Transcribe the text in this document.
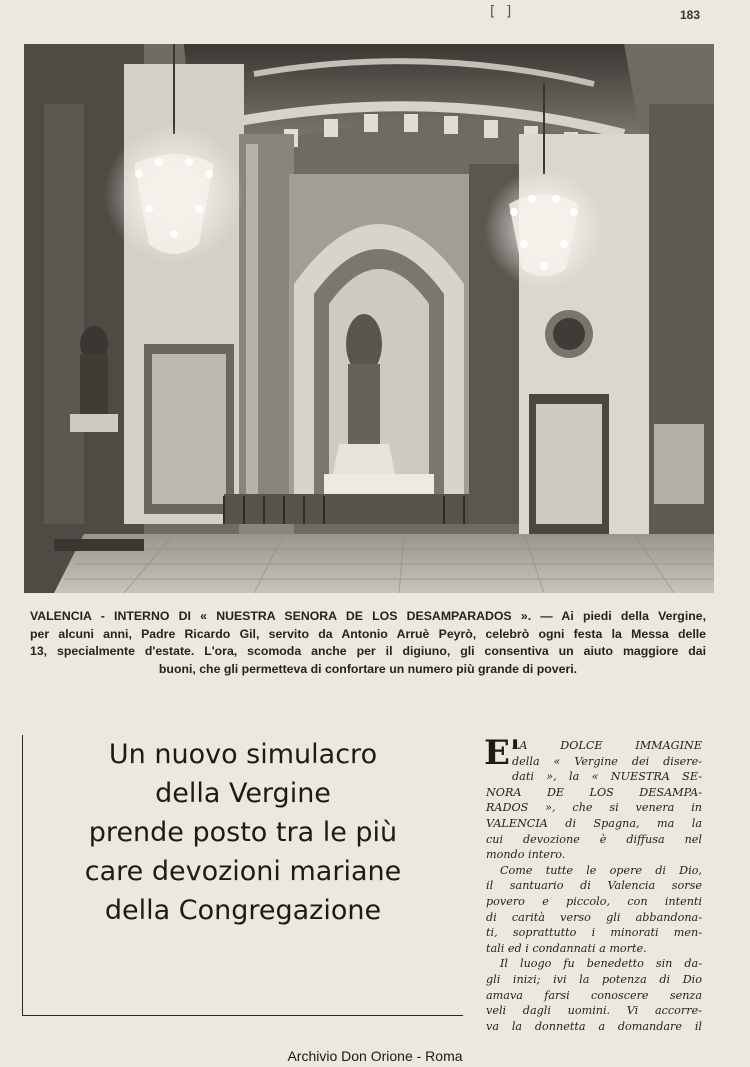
[ ]	183
VALENCIA - INTERNO DI « NUESTRA SENORA DE LOS DESAMPARADOS ». — Ai piedi della Vergine,
per alcuni anni, Padre Ricardo Gil, servito da Antonio Arruè Peyrò, celebrò ogni festa la Messa delle
13, specialmente d'estate. L'ora, scomoda anche per il digiuno, gli consentiva un aiuto maggiore dai
buoni, che gli permetteva di confortare un numero più grande di poveri.
Un nuovo simulacro
della Vergine
prende posto tra le più
care devozioni mariane
della Congregazione
E'
LA DOLCE IMMAGINE
della « Vergine dei disere-
dati », la « NUESTRA SE-
NORA DE LOS DESAMPA-
RADOS », che si venera in
VALENCIA di Spagna, ma la
cui devozione è diffusa nel
mondo intero.
Come tutte le opere di Dio,
il santuario di Valencia sorse
povero e piccolo, con intenti
di carità verso gli abbandona-
ti, soprattutto i minorati men-
tali ed i condannati a morte.
Il luogo fu benedetto sin da-
gli inizi; ivi la potenza di Dio
amava farsi conoscere senza
veli dagli uomini. Vi accorre-
va la donnetta a domandare il
Archivio Don Orione - Roma
